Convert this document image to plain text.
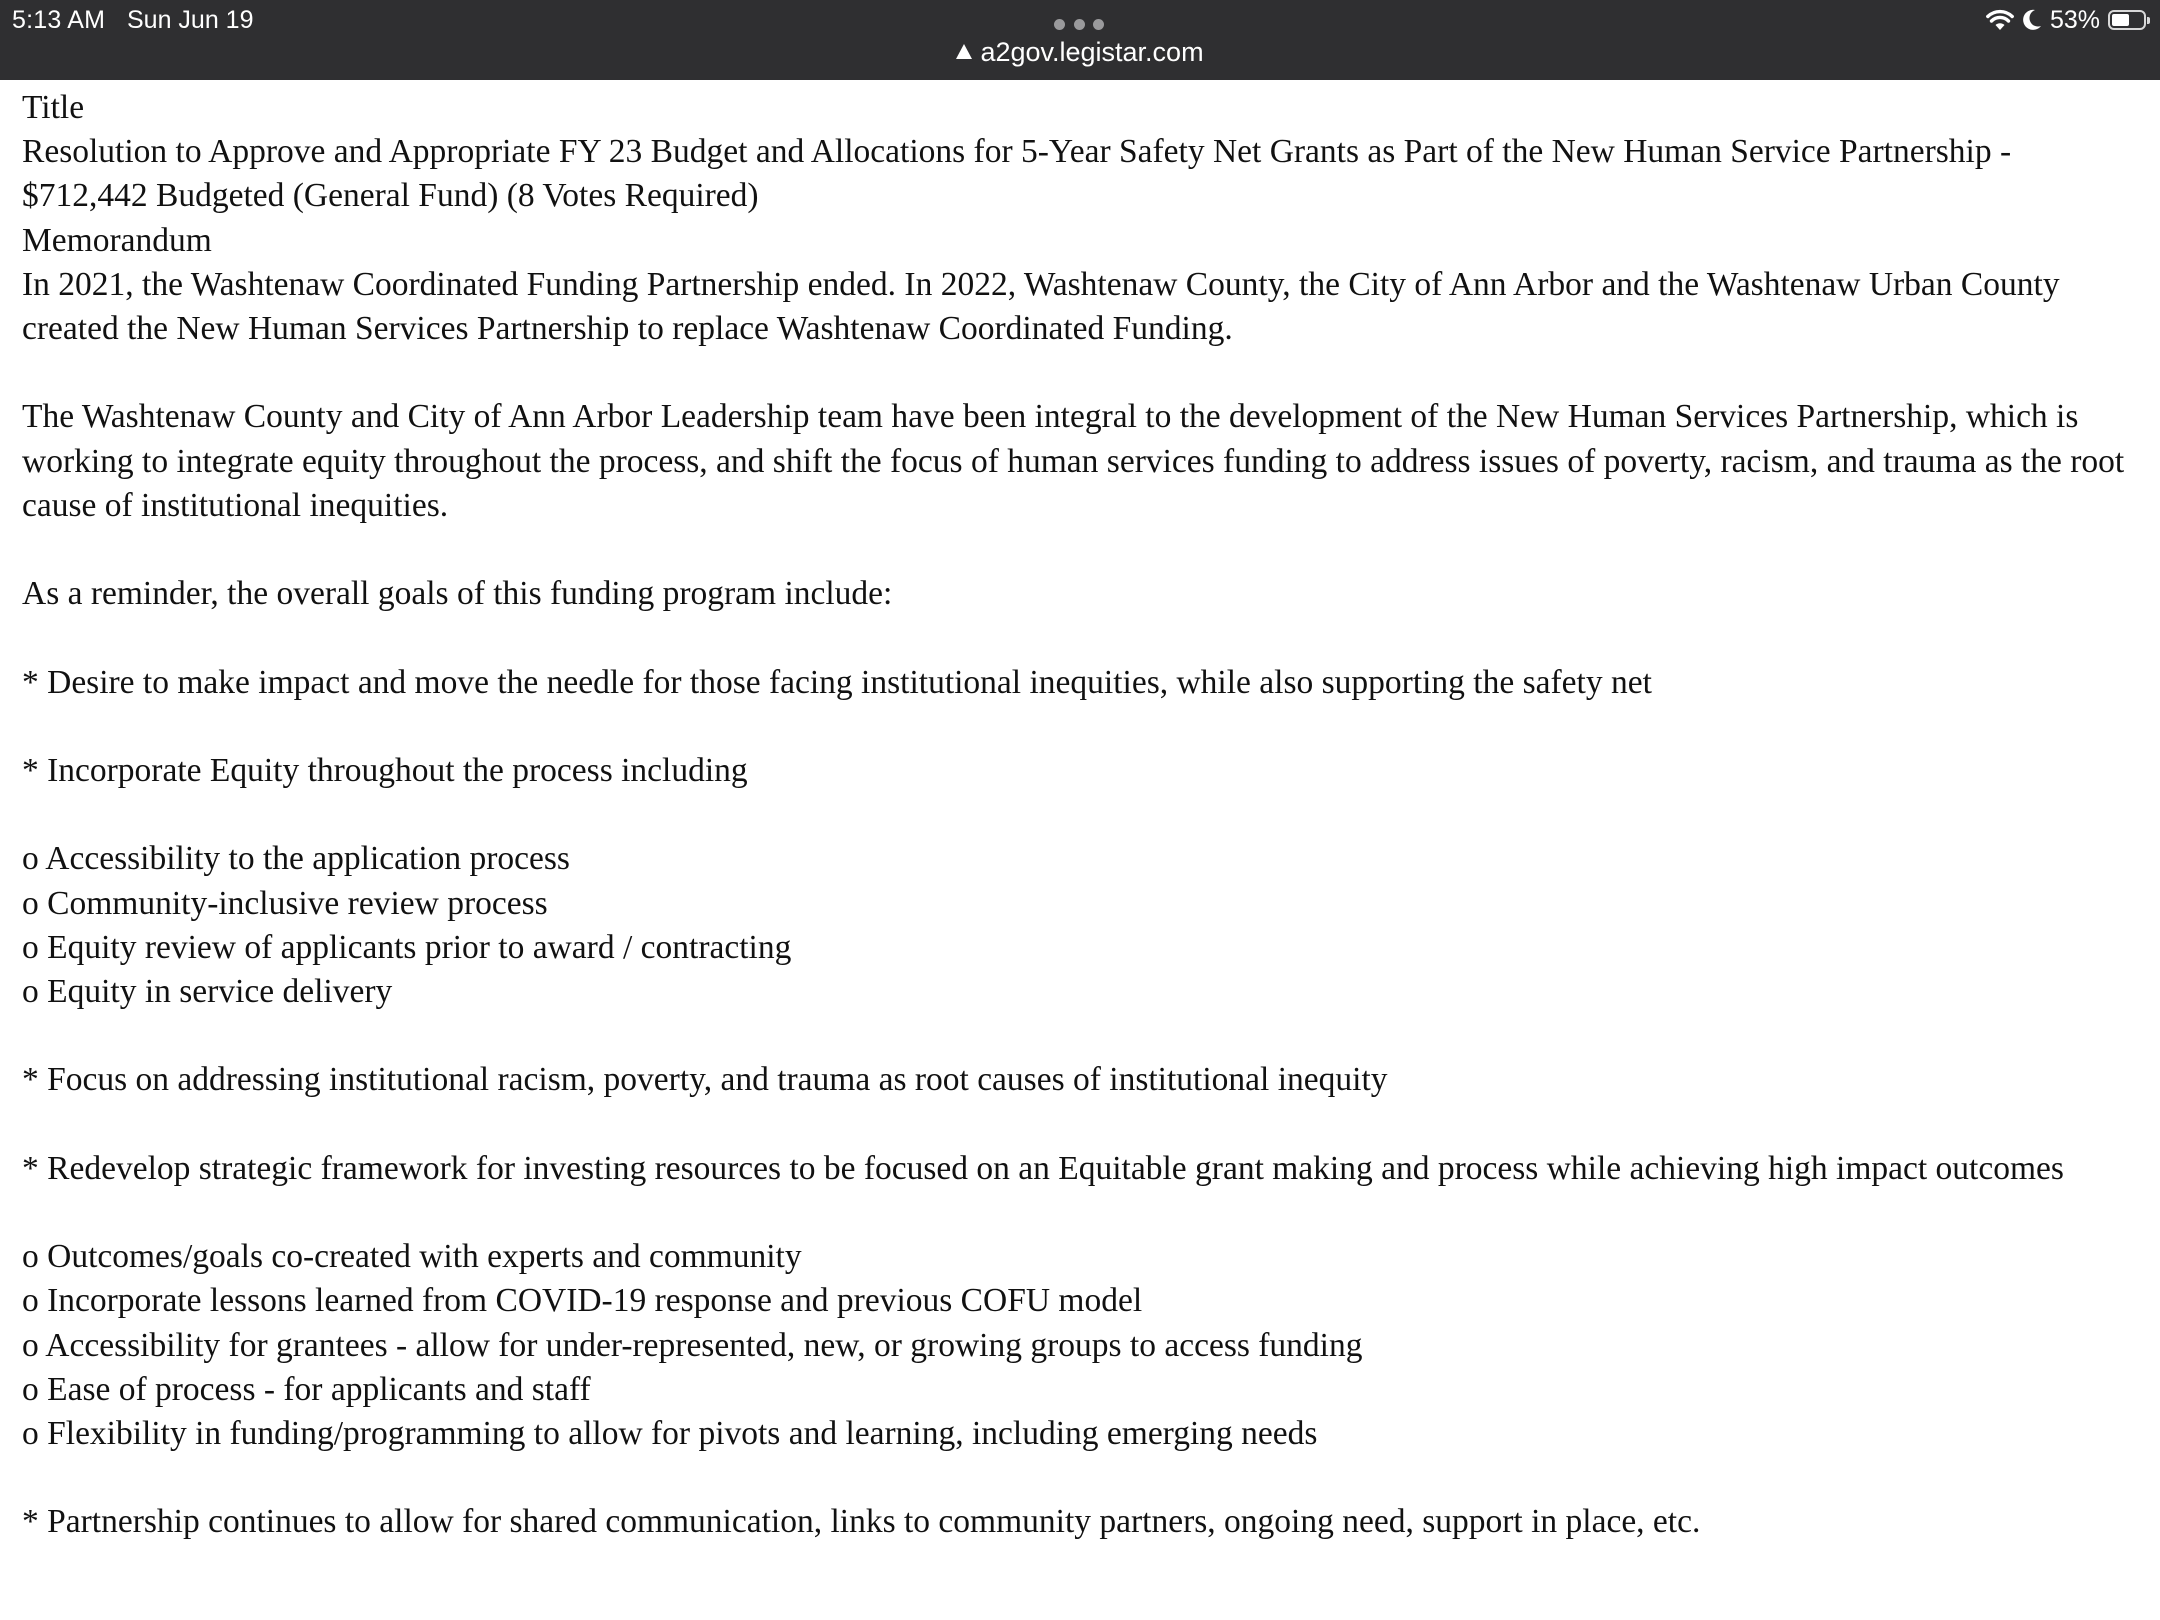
5:13 AM Sun Jun 19
a2gov.legistar.com
53%

Title

Resolution to Approve and Appropriate FY 23 Budget and Allocations for 5-Year Safety Net Grants as Part of the New Human Service Partnership - $712,442 Budgeted (General Fund) (8 Votes Required)

Memorandum

In 2021, the Washtenaw Coordinated Funding Partnership ended. In 2022, Washtenaw County, the City of Ann Arbor and the Washtenaw Urban County created the New Human Services Partnership to replace Washtenaw Coordinated Funding.

The Washtenaw County and City of Ann Arbor Leadership team have been integral to the development of the New Human Services Partnership, which is working to integrate equity throughout the process, and shift the focus of human services funding to address issues of poverty, racism, and trauma as the root cause of institutional inequities.

As a reminder, the overall goals of this funding program include:

* Desire to make impact and move the needle for those facing institutional inequities, while also supporting the safety net

* Incorporate Equity throughout the process including

o Accessibility to the application process

o Community-inclusive review process

o Equity review of applicants prior to award / contracting

o Equity in service delivery

* Focus on addressing institutional racism, poverty, and trauma as root causes of institutional inequity

* Redevelop strategic framework for investing resources to be focused on an Equitable grant making and process while achieving high impact outcomes

o Outcomes/goals co-created with experts and community

o Incorporate lessons learned from COVID-19 response and previous COFU model

o Accessibility for grantees - allow for under-represented, new, or growing groups to access funding

o Ease of process - for applicants and staff

o Flexibility in funding/programming to allow for pivots and learning, including emerging needs

* Partnership continues to allow for shared communication, links to community partners, ongoing need, support in place, etc.
